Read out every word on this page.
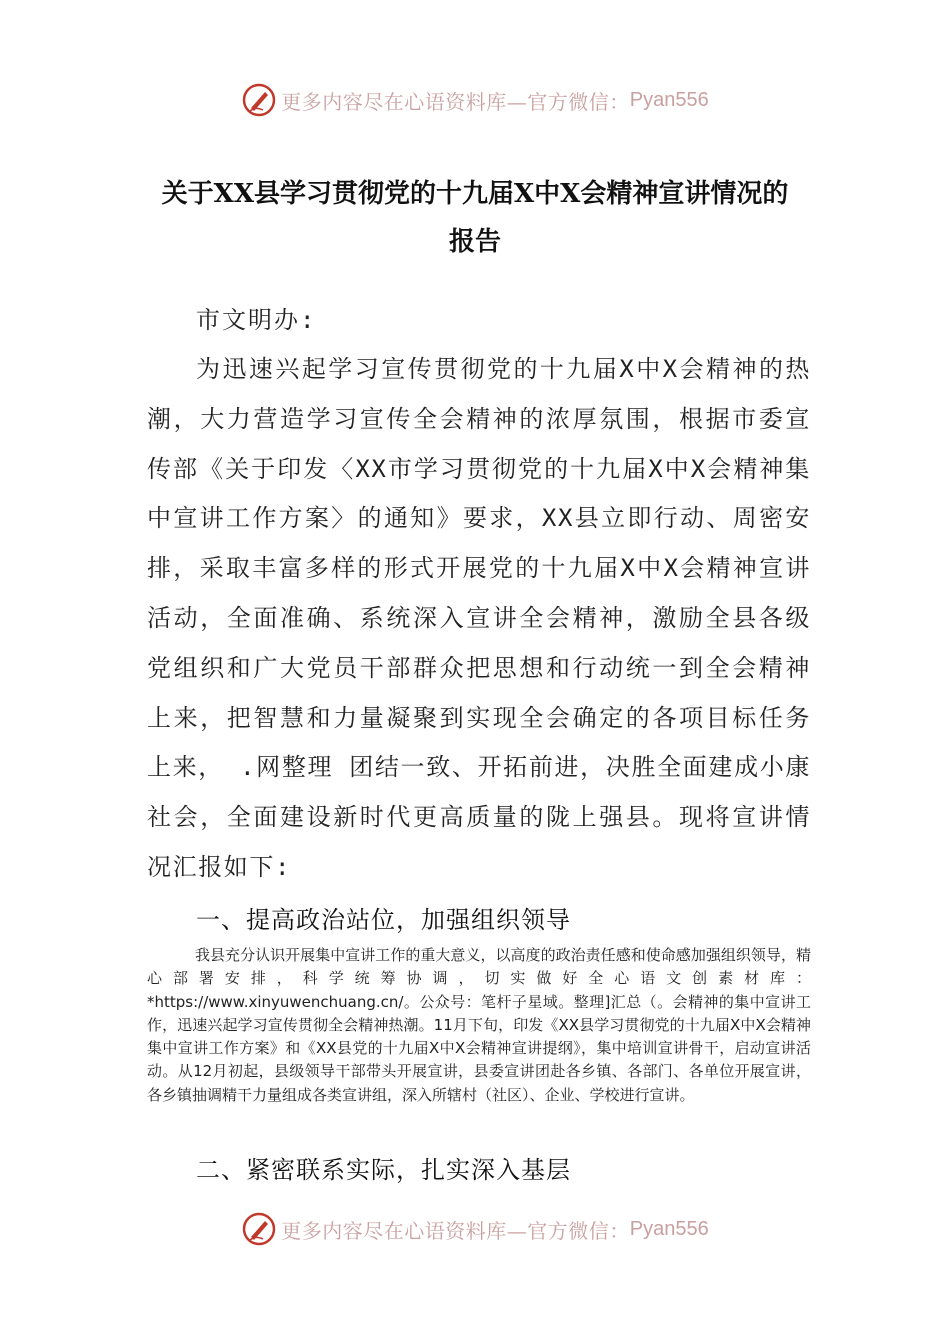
更多内容尽在心语资料库—官方微信： Pyan556
关于XX县学习贯彻党的十九届X中X会精神宣讲情况的
报告
市文明办:

为迅速兴起学习宣传贯彻党的十九届X中X会精神的热潮，大力营造学习宣传全会精神的浓厚氛围，根据市委宣传部《关于印发〈XX市学习贯彻党的十九届X中X会精神集中宣讲工作方案〉的通知》要求，XX县立即行动、周密安排，采取丰富多样的形式开展党的十九届X中X会精神宣讲活动，全面准确、系统深入宣讲全会精神，激励全县各级党组织和广大党员干部群众把思想和行动统一到全会精神上来，把智慧和力量凝聚到实现全会确定的各项目标任务上来， .网整理 团结一致、开拓前进，决胜全面建成小康社会，全面建设新时代更高质量的陇上强县。现将宣讲情况汇报如下:

一、提高政治站位，加强组织领导

我县充分认识开展集中宣讲工作的重大意义，以高度的政治责任感和使命感加强组织领导，精心部署安排，科学统筹协调，切实做好全心语文创素材库： *https://www.xinyuwenchuang.cn/。公众号：笔杆子星域。整理]汇总（。会精神的集中宣讲工作，迅速兴起学习宣传贯彻全会精神热潮。11月下旬，印发《XX县学习贯彻党的十九届X中X会精神集中宣讲工作方案》和《XX县党的十九届X中X会精神宣讲提纲》，集中培训宣讲骨干，启动宣讲活动。从12月初起，县级领导干部带头开展宣讲，县委宣讲团赴各乡镇、各部门、各单位开展宣讲，各乡镇抽调精干力量组成各类宣讲组，深入所辖村（社区）、企业、学校进行宣讲。

二、紧密联系实际，扎实深入基层
更多内容尽在心语资料库—官方微信： Pyan556
